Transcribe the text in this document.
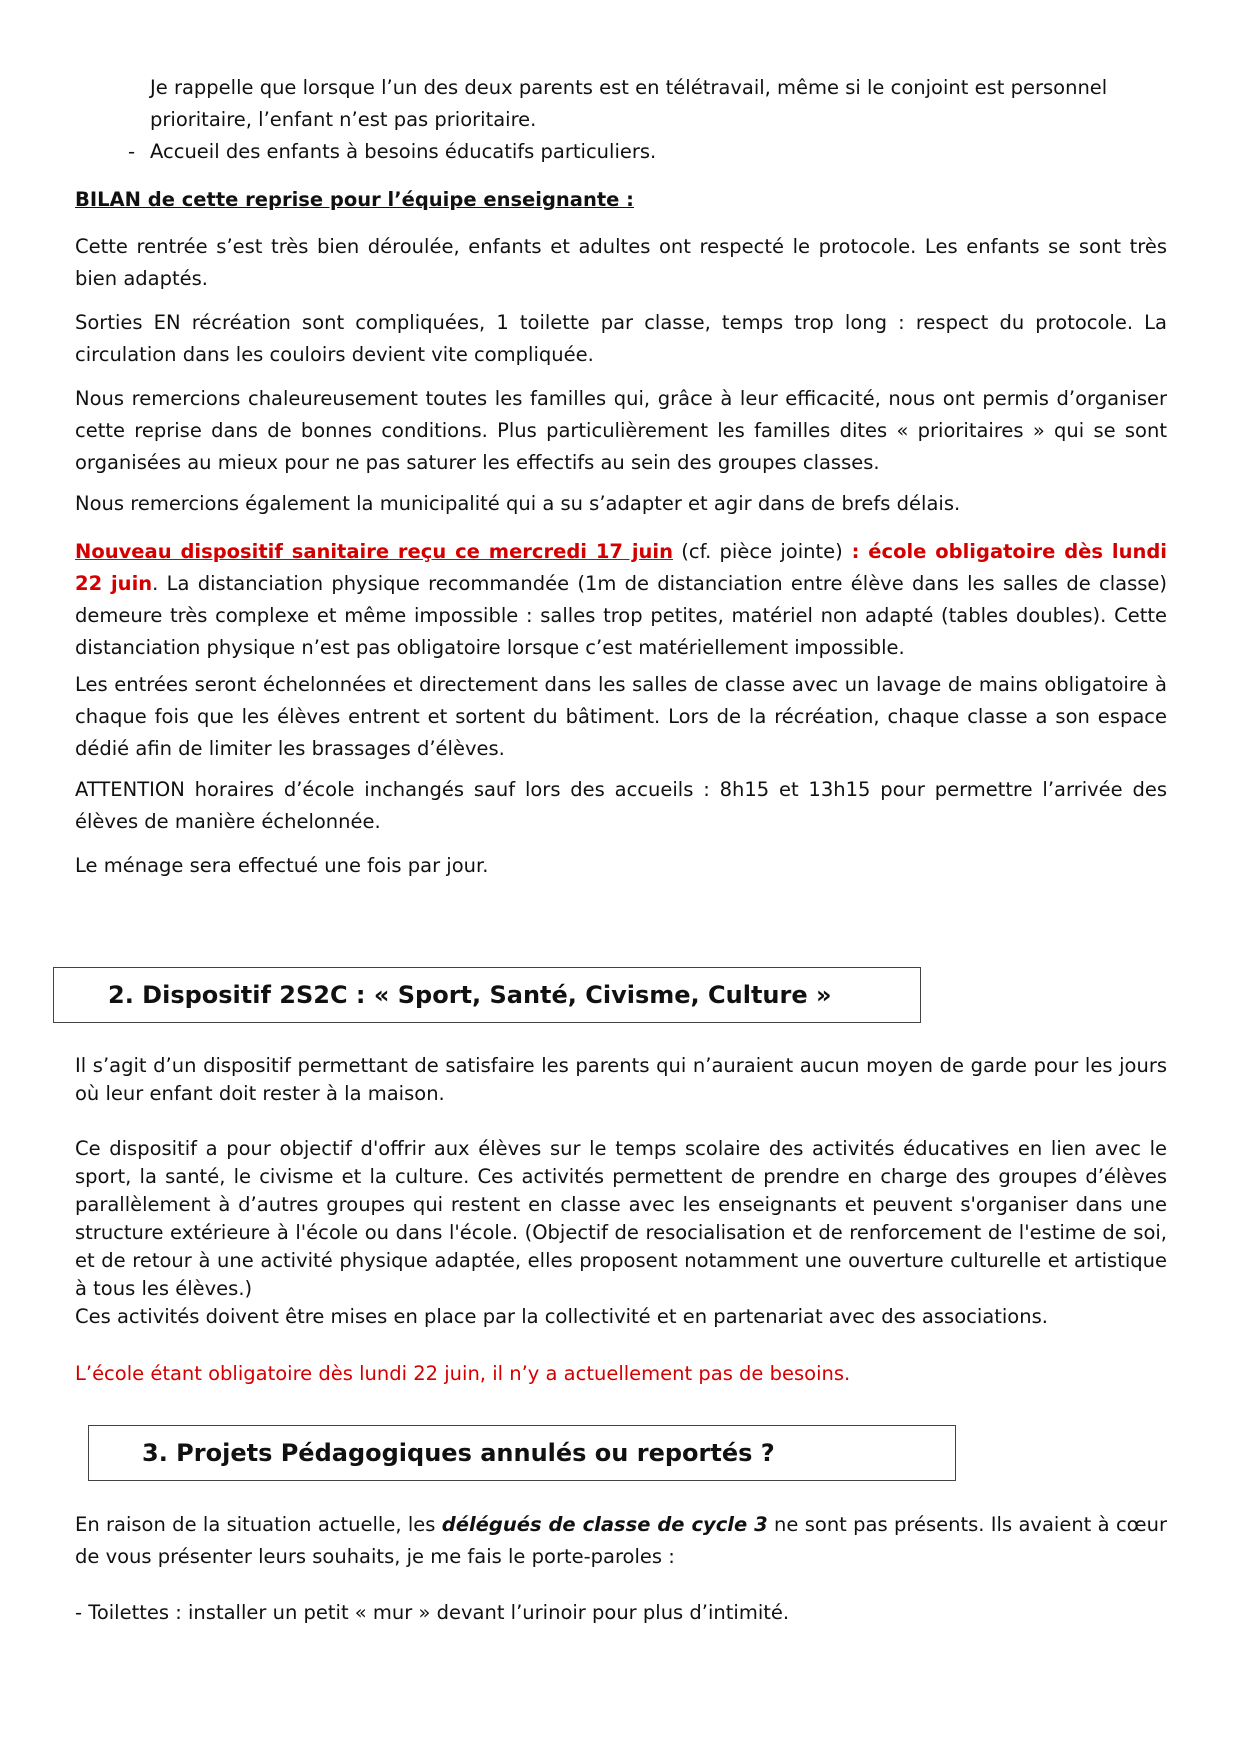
Je rappelle que lorsque l’un des deux parents est en télétravail, même si le conjoint est personnel prioritaire, l’enfant n’est pas prioritaire.

- Accueil des enfants à besoins éducatifs particuliers.

BILAN de cette reprise pour l’équipe enseignante :

Cette rentrée s’est très bien déroulée, enfants et adultes ont respecté le protocole. Les enfants se sont très bien adaptés.

Sorties EN récréation sont compliquées, 1 toilette par classe, temps trop long : respect du protocole. La circulation dans les couloirs devient vite compliquée.

Nous remercions chaleureusement toutes les familles qui, grâce à leur efficacité, nous ont permis d’organiser cette reprise dans de bonnes conditions. Plus particulièrement les familles dites « prioritaires » qui se sont organisées au mieux pour ne pas saturer les effectifs au sein des groupes classes.

Nous remercions également la municipalité qui a su s’adapter et agir dans de brefs délais.

Nouveau dispositif sanitaire reçu ce mercredi 17 juin (cf. pièce jointe) : école obligatoire dès lundi 22 juin. La distanciation physique recommandée (1m de distanciation entre élève dans les salles de classe) demeure très complexe et même impossible : salles trop petites, matériel non adapté (tables doubles). Cette distanciation physique n’est pas obligatoire lorsque c’est matériellement impossible.

Les entrées seront échelonnées et directement dans les salles de classe avec un lavage de mains obligatoire à chaque fois que les élèves entrent et sortent du bâtiment. Lors de la récréation, chaque classe a son espace dédié afin de limiter les brassages d’élèves.

ATTENTION horaires d’école inchangés sauf lors des accueils : 8h15 et 13h15 pour permettre l’arrivée des élèves de manière échelonnée.

Le ménage sera effectué une fois par jour.

2. Dispositif 2S2C : « Sport, Santé, Civisme, Culture »

Il s’agit d’un dispositif permettant de satisfaire les parents qui n’auraient aucun moyen de garde pour les jours où leur enfant doit rester à la maison.

Ce dispositif a pour objectif d'offrir aux élèves sur le temps scolaire des activités éducatives en lien avec le sport, la santé, le civisme et la culture. Ces activités permettent de prendre en charge des groupes d’élèves parallèlement à d’autres groupes qui restent en classe avec les enseignants et peuvent s'organiser dans une structure extérieure à l'école ou dans l'école. (Objectif de resocialisation et de renforcement de l'estime de soi, et de retour à une activité physique adaptée, elles proposent notamment une ouverture culturelle et artistique à tous les élèves.)

Ces activités doivent être mises en place par la collectivité et en partenariat avec des associations.

L’école étant obligatoire dès lundi 22 juin, il n’y a actuellement pas de besoins.

3. Projets Pédagogiques annulés ou reportés ?

En raison de la situation actuelle, les délégués de classe de cycle 3 ne sont pas présents. Ils avaient à cœur de vous présenter leurs souhaits, je me fais le porte-paroles :

- Toilettes : installer un petit « mur » devant l’urinoir pour plus d’intimité.
